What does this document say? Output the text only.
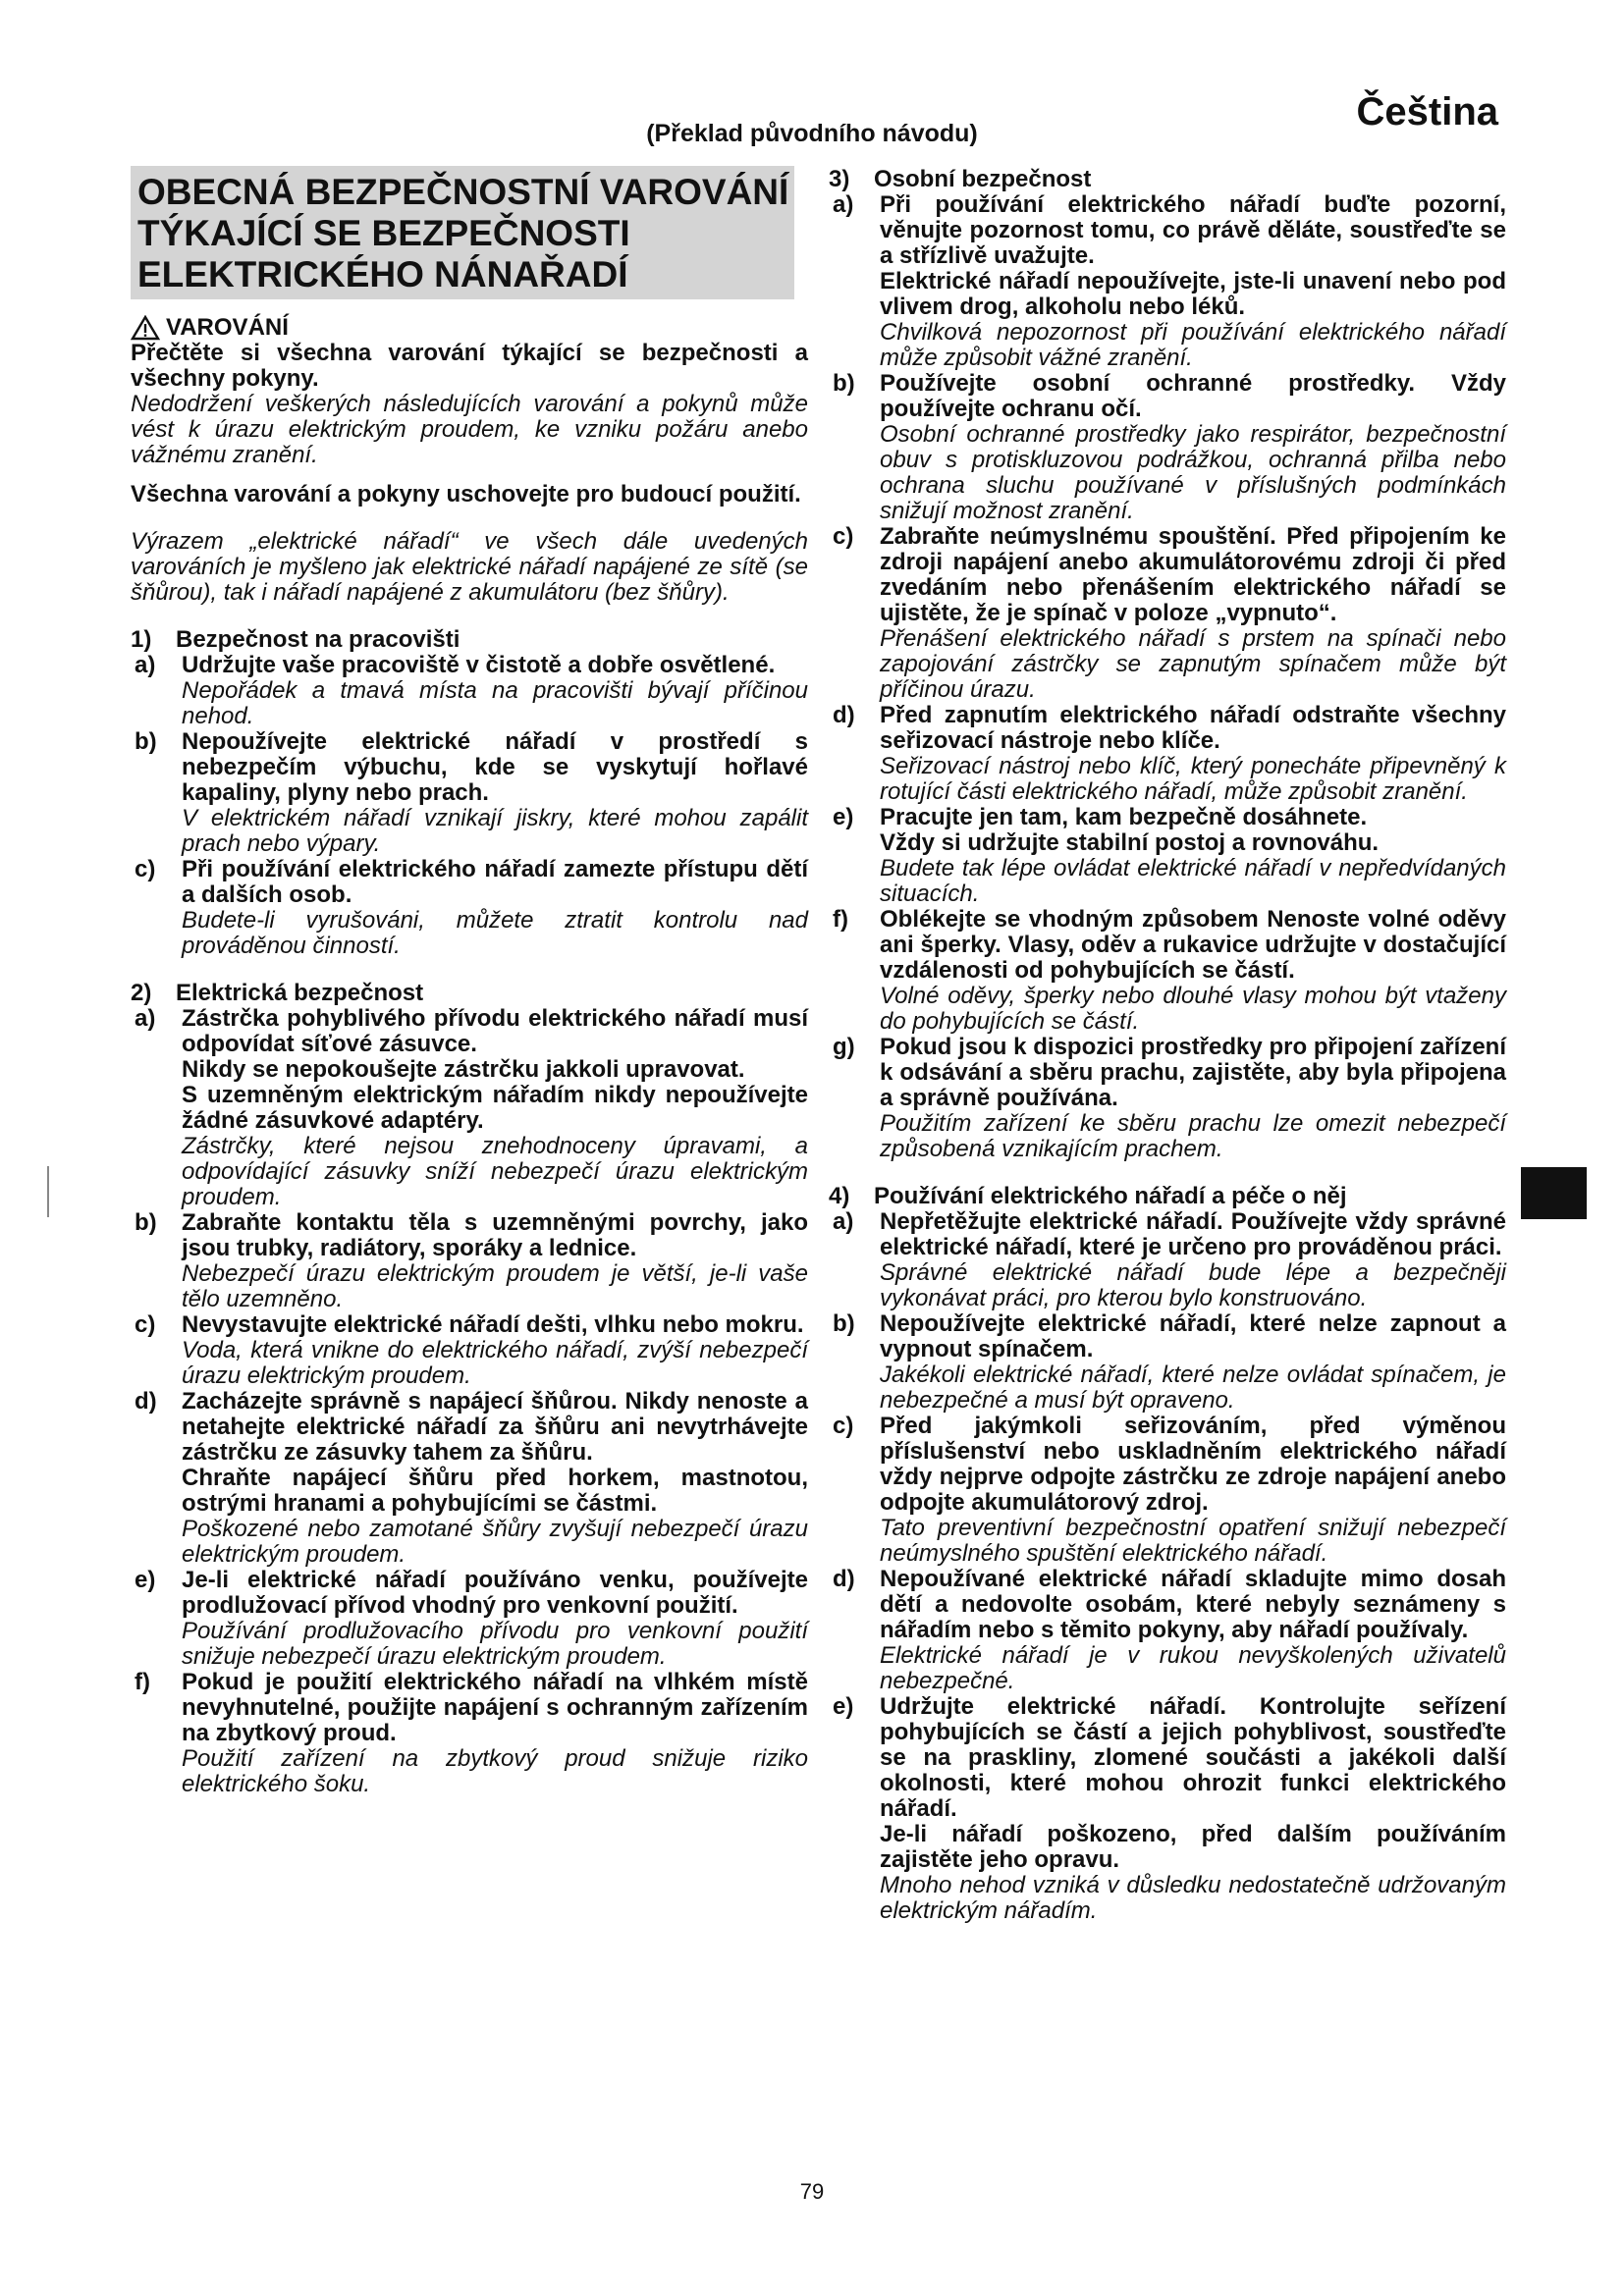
Čeština
(Překlad původního návodu)
OBECNÁ BEZPEČNOSTNÍ VAROVÁNÍ
TÝKAJÍCÍ SE BEZPEČNOSTI
ELEKTRICKÉHO NÁNAŘADÍ
VAROVÁNÍ

Přečtěte si všechna varování týkající se bezpečnosti a všechny pokyny.

Nedodržení veškerých následujících varování a pokynů může vést k úrazu elektrickým proudem, ke vzniku požáru anebo vážnému zranění.

Všechna varování a pokyny uschovejte pro budoucí použití.

Výrazem „elektrické nářadí“ ve všech dále uvedených varováních je myšleno jak elektrické nářadí napájené ze sítě (se šňůrou), tak i nářadí napájené z akumulátoru (bez šňůry).

1) Bezpečnost na pracovišti
a) Udržujte vaše pracoviště v čistotě a dobře osvětlené.

Nepořádek a tmavá místa na pracovišti bývají příčinou nehod.

b) Nepoužívejte elektrické nářadí v prostředí s nebezpečím výbuchu, kde se vyskytují hořlavé kapaliny, plyny nebo prach.

V elektrickém nářadí vznikají jiskry, které mohou zapálit prach nebo výpary.

c) Při používání elektrického nářadí zamezte přístupu dětí a dalších osob.

Budete-li vyrušováni, můžete ztratit kontrolu nad prováděnou činností.

2) Elektrická bezpečnost
a) Zástrčka pohyblivého přívodu elektrického nářadí musí odpovídat síťové zásuvce.

Nikdy se nepokoušejte zástrčku jakkoli upravovat.

S uzemněným elektrickým nářadím nikdy nepoužívejte žádné zásuvkové adaptéry.

Zástrčky, které nejsou znehodnoceny úpravami, a odpovídající zásuvky sníží nebezpečí úrazu elektrickým proudem.

b) Zabraňte kontaktu těla s uzemněnými povrchy, jako jsou trubky, radiátory, sporáky a lednice.

Nebezpečí úrazu elektrickým proudem je větší, je-li vaše tělo uzemněno.

c) Nevystavujte elektrické nářadí dešti, vlhku nebo mokru.

Voda, která vnikne do elektrického nářadí, zvýší nebezpečí úrazu elektrickým proudem.

d) Zacházejte správně s napájecí šňůrou. Nikdy nenoste a netahejte elektrické nářadí za šňůru ani nevytrhávejte zástrčku ze zásuvky tahem za šňůru.

Chraňte napájecí šňůru před horkem, mastnotou, ostrými hranami a pohybujícími se částmi.

Poškozené nebo zamotané šňůry zvyšují nebezpečí úrazu elektrickým proudem.

e) Je-li elektrické nářadí používáno venku, používejte prodlužovací přívod vhodný pro venkovní použití.

Používání prodlužovacího přívodu pro venkovní použití snižuje nebezpečí úrazu elektrickým proudem.

f) Pokud je použití elektrického nářadí na vlhkém místě nevyhnutelné, použijte napájení s ochranným zařízením na zbytkový proud.

Použití zařízení na zbytkový proud snižuje riziko elektrického šoku.

3) Osobní bezpečnost
a) Při používání elektrického nářadí buďte pozorní, věnujte pozornost tomu, co právě děláte, soustřeďte se a střízlivě uvažujte.

Elektrické nářadí nepoužívejte, jste-li unavení nebo pod vlivem drog, alkoholu nebo léků.

Chvilková nepozornost při používání elektrického nářadí může způsobit vážné zranění.

b) Používejte osobní ochranné prostředky. Vždy používejte ochranu očí.

Osobní ochranné prostředky jako respirátor, bezpečnostní obuv s protiskluzovou podrážkou, ochranná přilba nebo ochrana sluchu používané v příslušných podmínkách snižují možnost zranění.

c) Zabraňte neúmyslnému spouštění. Před připojením ke zdroji napájení anebo akumulátorovému zdroji či před zvedáním nebo přenášením elektrického nářadí se ujistěte, že je spínač v poloze „vypnuto“.

Přenášení elektrického nářadí s prstem na spínači nebo zapojování zástrčky se zapnutým spínačem může být příčinou úrazu.

d) Před zapnutím elektrického nářadí odstraňte všechny seřizovací nástroje nebo klíče.

Seřizovací nástroj nebo klíč, který ponecháte připevněný k rotující části elektrického nářadí, může způsobit zranění.

e) Pracujte jen tam, kam bezpečně dosáhnete.

Vždy si udržujte stabilní postoj a rovnováhu.

Budete tak lépe ovládat elektrické nářadí v nepředvídaných situacích.

f) Oblékejte se vhodným způsobem Nenoste volné oděvy ani šperky. Vlasy, oděv a rukavice udržujte v dostačující vzdálenosti od pohybujících se částí.

Volné oděvy, šperky nebo dlouhé vlasy mohou být vtaženy do pohybujících se částí.

g) Pokud jsou k dispozici prostředky pro připojení zařízení k odsávání a sběru prachu, zajistěte, aby byla připojena a správně používána.

Použitím zařízení ke sběru prachu lze omezit nebezpečí způsobená vznikajícím prachem.

4) Používání elektrického nářadí a péče o něj
a) Nepřetěžujte elektrické nářadí. Používejte vždy správné elektrické nářadí, které je určeno pro prováděnou práci.

Správné elektrické nářadí bude lépe a bezpečněji vykonávat práci, pro kterou bylo konstruováno.

b) Nepoužívejte elektrické nářadí, které nelze zapnout a vypnout spínačem.

Jakékoli elektrické nářadí, které nelze ovládat spínačem, je nebezpečné a musí být opraveno.

c) Před jakýmkoli seřizováním, před výměnou příslušenství nebo uskladněním elektrického nářadí vždy nejprve odpojte zástrčku ze zdroje napájení anebo odpojte akumulátorový zdroj.

Tato preventivní bezpečnostní opatření snižují nebezpečí neúmyslného spuštění elektrického nářadí.

d) Nepoužívané elektrické nářadí skladujte mimo dosah dětí a nedovolte osobám, které nebyly seznámeny s nářadím nebo s těmito pokyny, aby nářadí používaly.

Elektrické nářadí je v rukou nevyškolených uživatelů nebezpečné.

e) Udržujte elektrické nářadí. Kontrolujte seřízení pohybujících se částí a jejich pohyblivost, soustřeďte se na praskliny, zlomené součásti a jakékoli další okolnosti, které mohou ohrozit funkci elektrického nářadí.

Je-li nářadí poškozeno, před dalším používáním zajistěte jeho opravu.

Mnoho nehod vzniká v důsledku nedostatečně udržovaným elektrickým nářadím.

79
